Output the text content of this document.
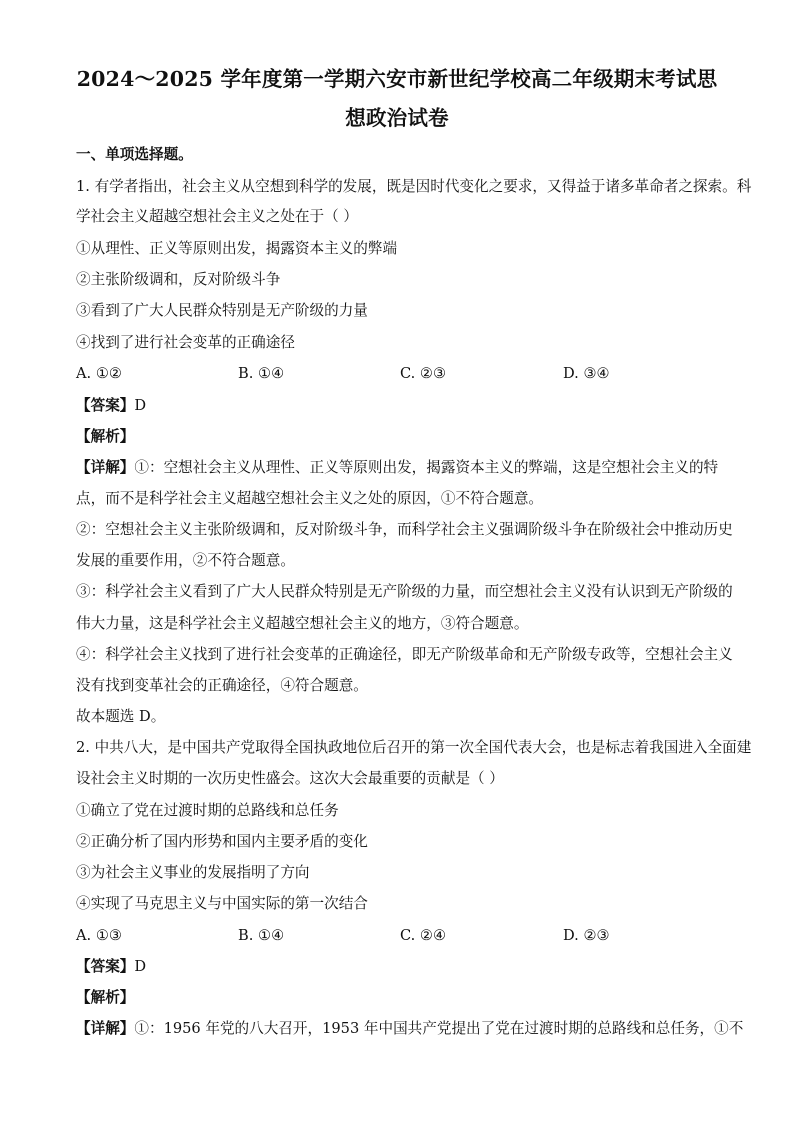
2024～2025 学年度第一学期六安市新世纪学校高二年级期末考试思
想政治试卷
一、单项选择题。
1. 有学者指出，社会主义从空想到科学的发展，既是因时代变化之要求，又得益于诸多革命者之探索。科
学社会主义超越空想社会主义之处在于（ ）
①从理性、正义等原则出发，揭露资本主义的弊端
②主张阶级调和，反对阶级斗争
③看到了广大人民群众特别是无产阶级的力量
④找到了进行社会变革的正确途径
A. ①②	B. ①④	C. ②③	D. ③④
【答案】D
【解析】
【详解】①：空想社会主义从理性、正义等原则出发，揭露资本主义的弊端，这是空想社会主义的特
点，而不是科学社会主义超越空想社会主义之处的原因，①不符合题意。
②：空想社会主义主张阶级调和，反对阶级斗争，而科学社会主义强调阶级斗争在阶级社会中推动历史
发展的重要作用，②不符合题意。
③：科学社会主义看到了广大人民群众特别是无产阶级的力量，而空想社会主义没有认识到无产阶级的
伟大力量，这是科学社会主义超越空想社会主义的地方，③符合题意。
④：科学社会主义找到了进行社会变革的正确途径，即无产阶级革命和无产阶级专政等，空想社会主义
没有找到变革社会的正确途径，④符合题意。
故本题选 D。
2. 中共八大，是中国共产党取得全国执政地位后召开的第一次全国代表大会，也是标志着我国进入全面建
设社会主义时期的一次历史性盛会。这次大会最重要的贡献是（ ）
①确立了党在过渡时期的总路线和总任务
②正确分析了国内形势和国内主要矛盾的变化
③为社会主义事业的发展指明了方向
④实现了马克思主义与中国实际的第一次结合
A. ①③	B. ①④	C. ②④	D. ②③
【答案】D
【解析】
【详解】①：1956 年党的八大召开，1953 年中国共产党提出了党在过渡时期的总路线和总任务，①不
